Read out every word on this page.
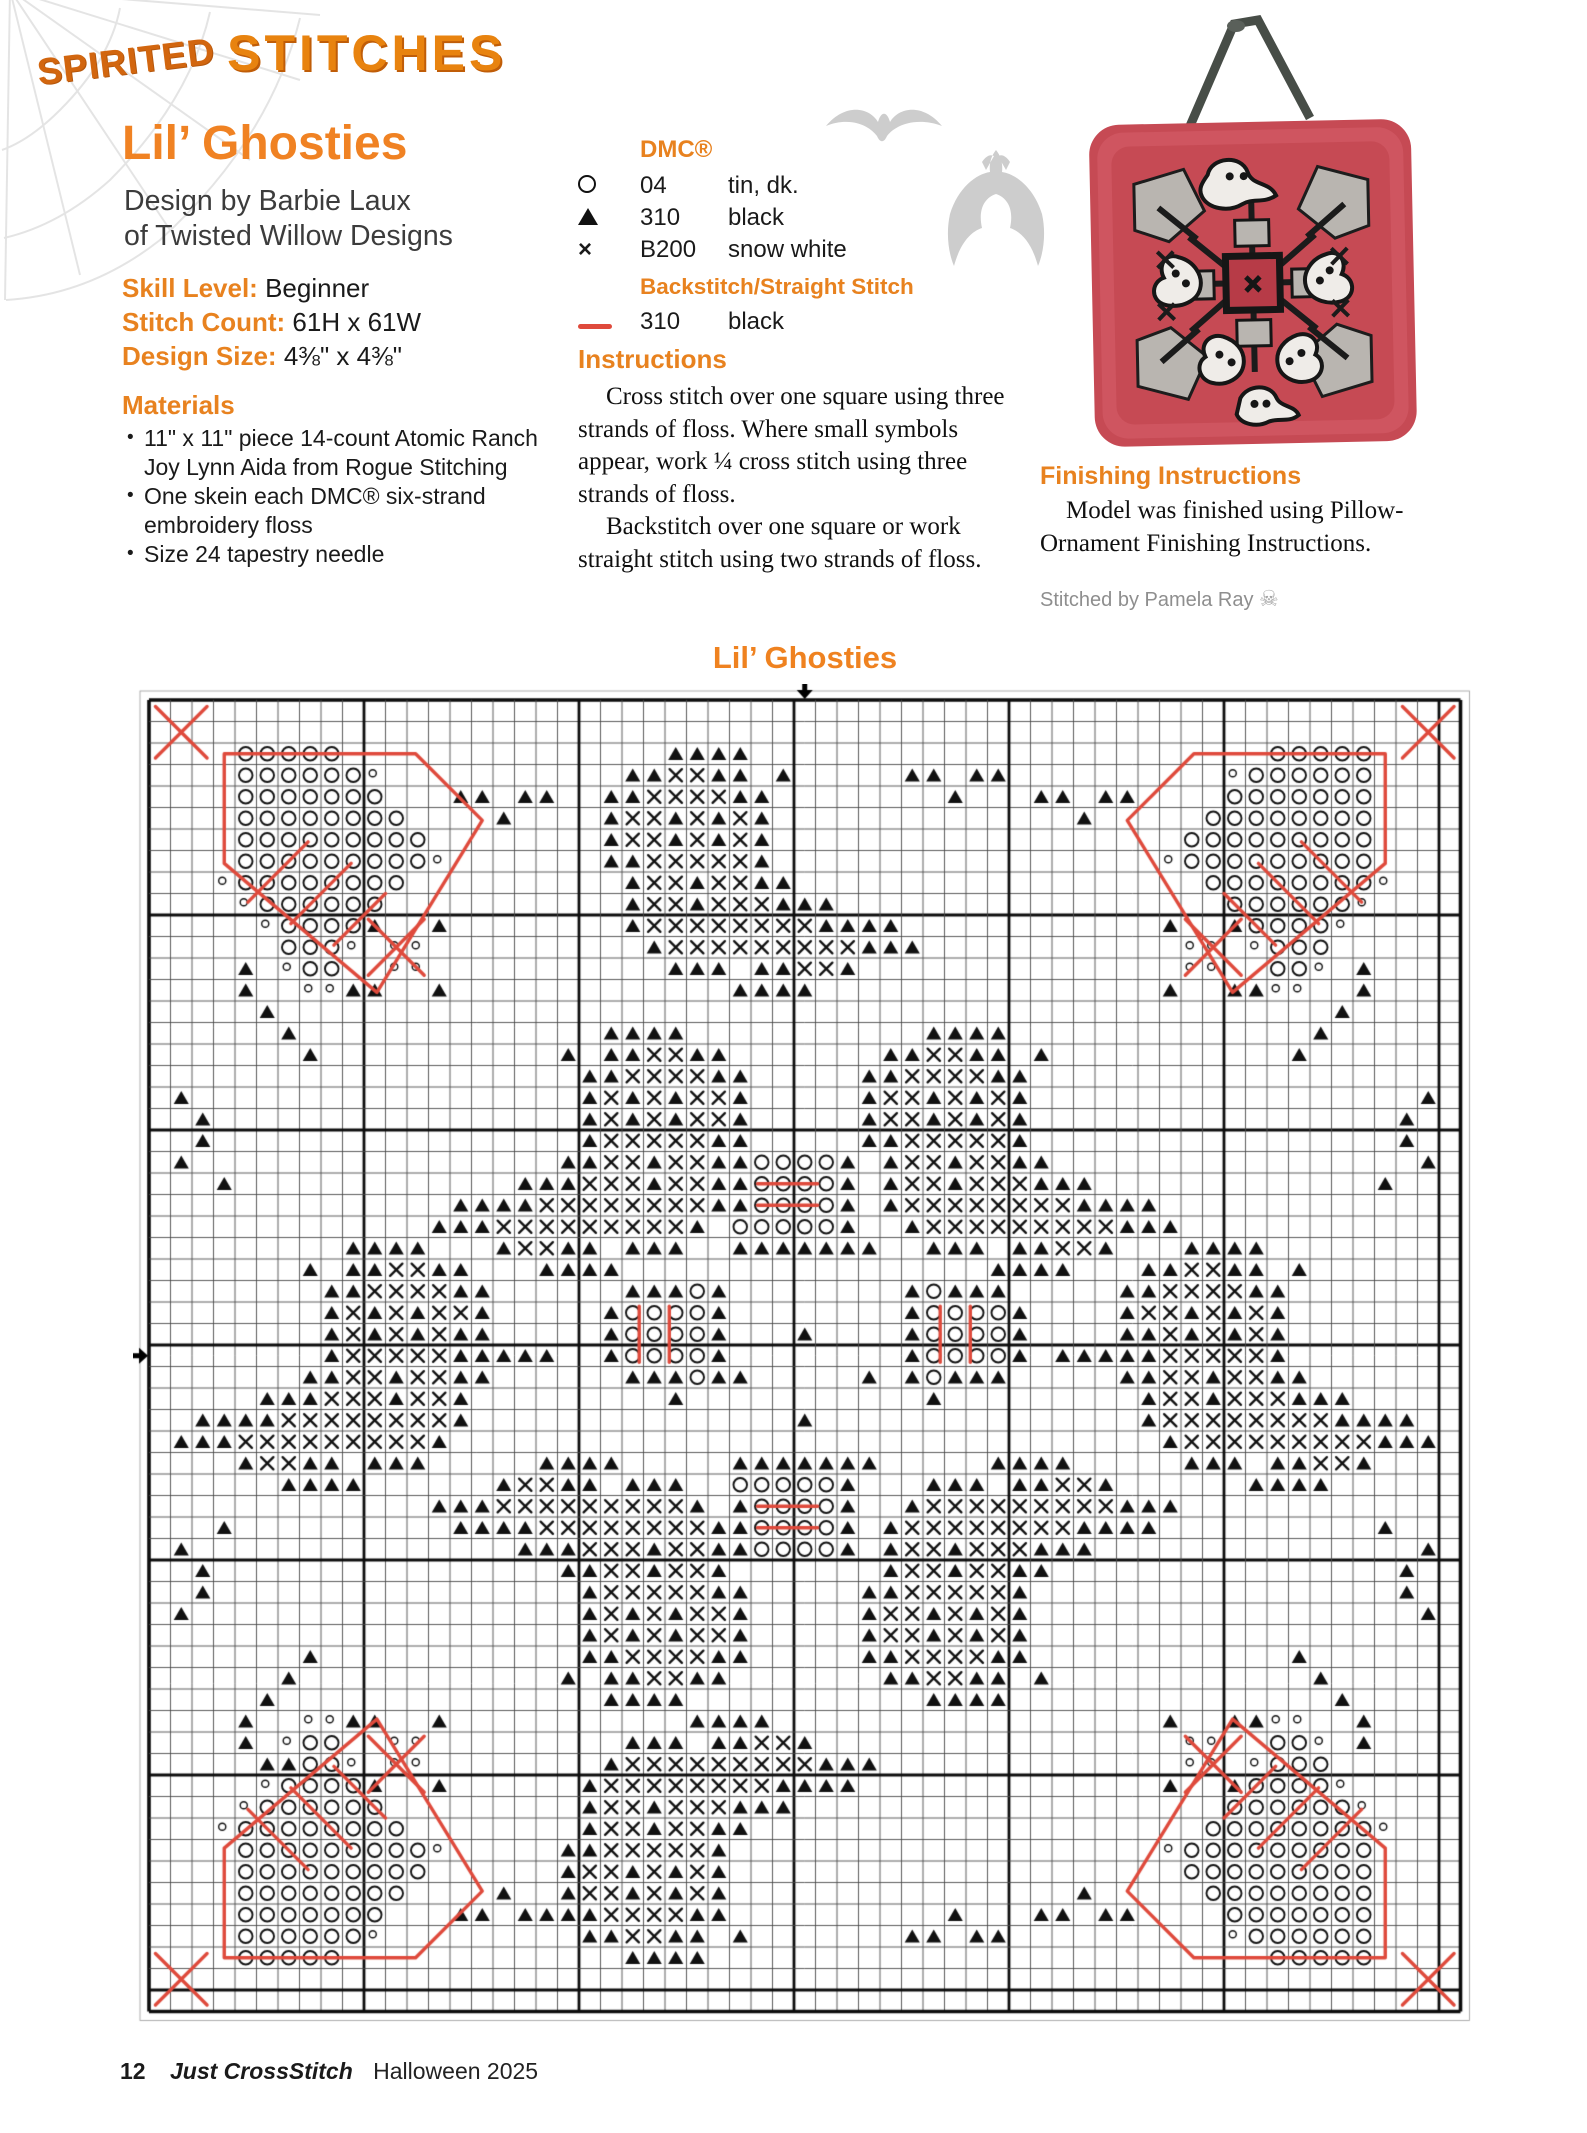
SPIRITED STITCHES
Lil’ Ghosties
Design by Barbie Laux
of Twisted Willow Designs
Skill Level: Beginner
Stitch Count: 61H x 61W
Design Size: 4⅜" x 4⅜"
Materials
• 11" x 11" piece 14-count Atomic Ranch Joy Lynn Aida from Rogue Stitching
• One skein each DMC® six-strand embroidery floss
• Size 24 tapestry needle
DMC®
	04	tin, dk.
	310	black
×	B200	snow white
Backstitch/Straight Stitch
	310	black
Instructions

Cross stitch over one square using three strands of floss. Where small symbols appear, work ¼ cross stitch using three strands of floss.

Backstitch over one square or work straight stitch using two strands of floss.

Finishing Instructions

Model was finished using Pillow-Ornament Finishing Instructions.

Stitched by Pamela Ray ☠
Lil’ Ghosties
12 Just CrossStitch Halloween 2025
